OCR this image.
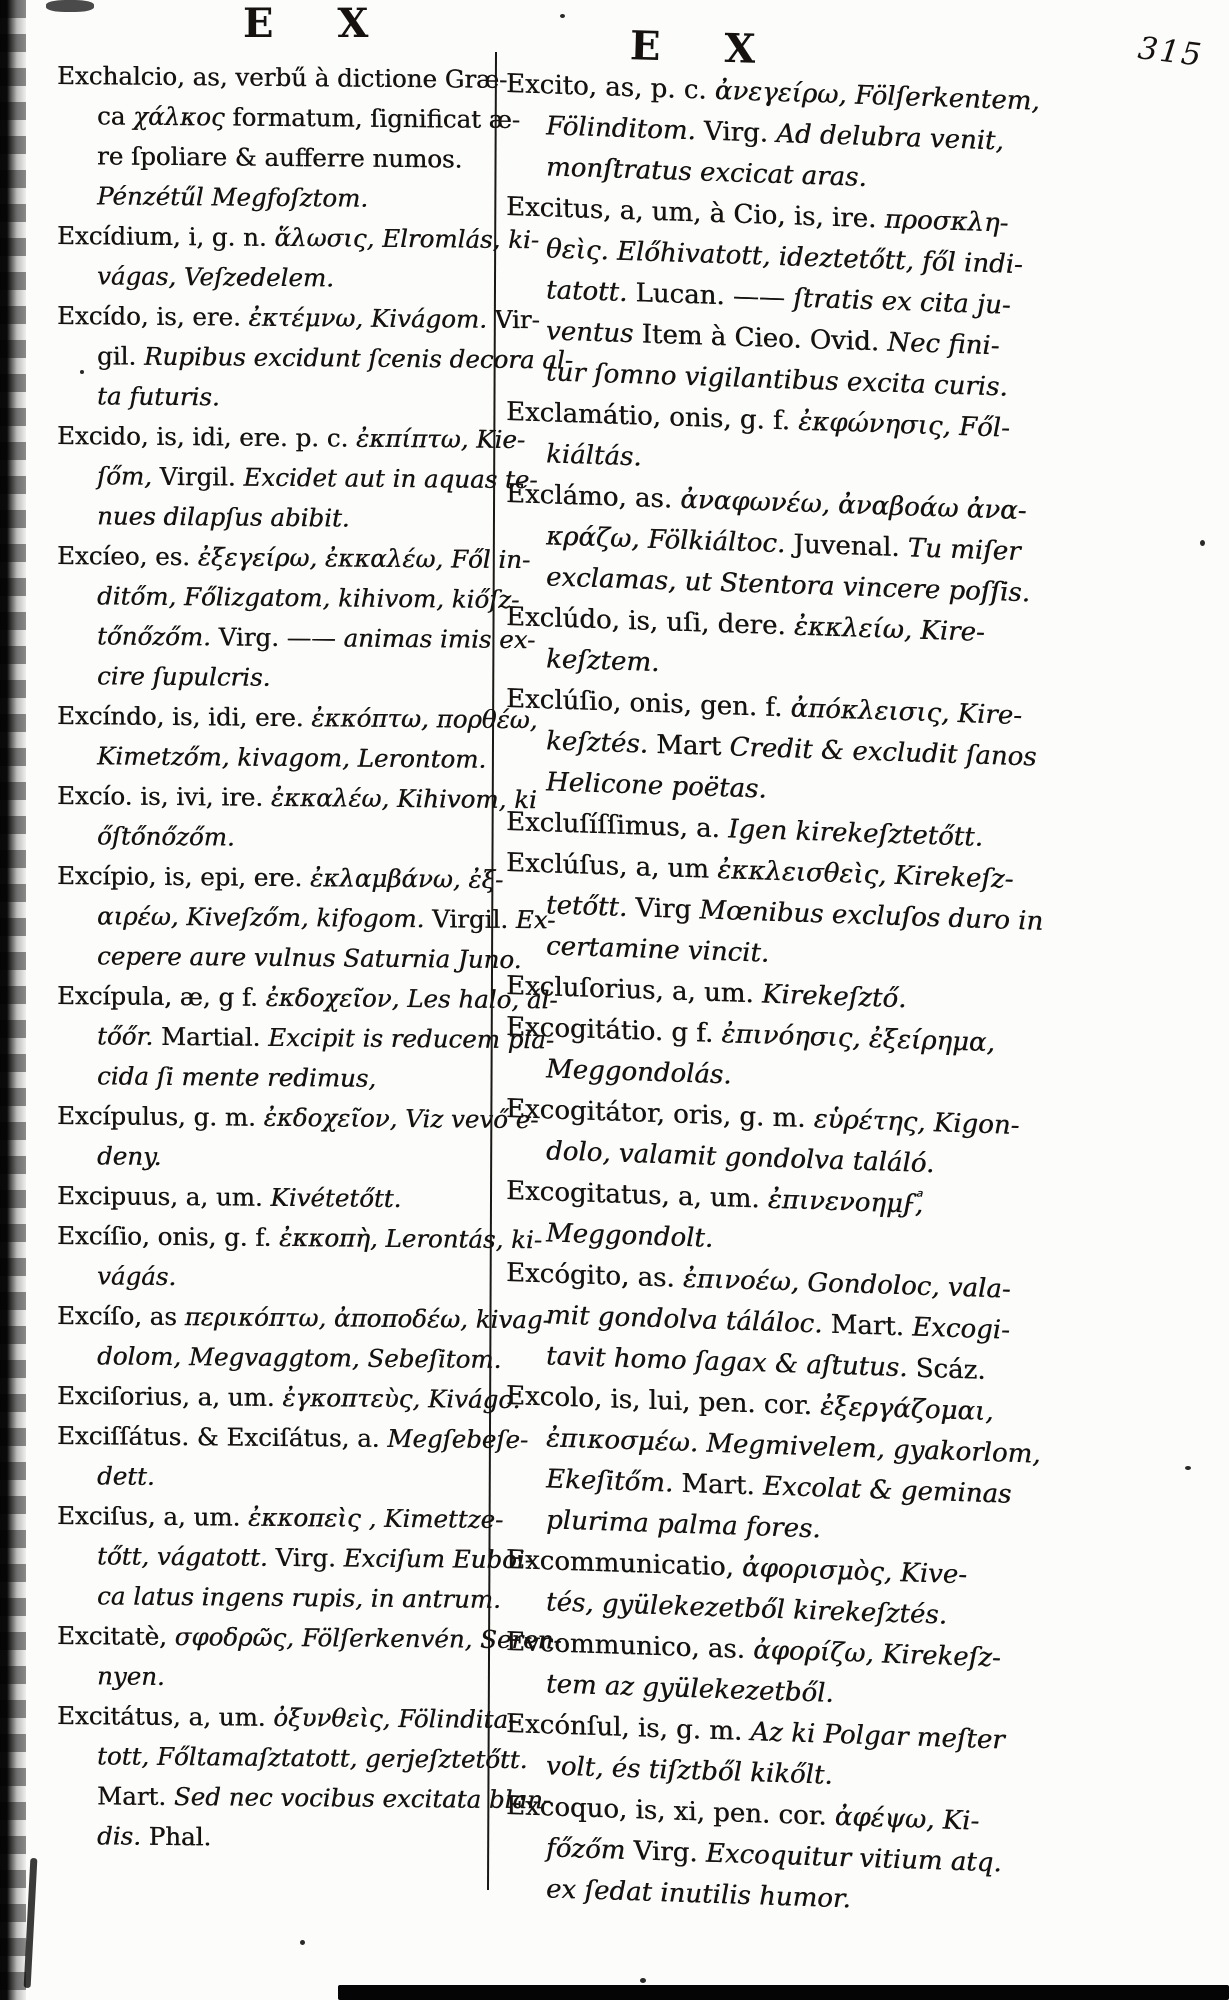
E X	E X	315
Exchalcio, as, verbű à dictione Græ-
ca χάλκος formatum, ſignificat æ-
re ſpoliare & aufferre numos.
Pénzétűl Megfoſztom.
Excídium, i, g. n. ἅλωσις, Elromlás, ki-
vágas, Veſzedelem.
Excído, is, ere. ἐκτέμνω, Kivágom. Vir-
gil. Rupibus excidunt ſcenis decora al-
ta futuris.
Excido, is, idi, ere. p. c. ἐκπίπτω, Kie-
ſőm, Virgil. Excidet aut in aquas te-
nues dilapſus abibit.
Excíeo, es. ἐξεγείρω, ἐκκαλέω, Fől in-
ditőm, Főlizgatom, kihivom, kiőſz-
tőnőzőm. Virg. —— animas imis ex-
cire ſupulcris.
Excíndo, is, idi, ere. ἐκκόπτω, πορθέω,
Kimetzőm, kivagom, Lerontom.
Excío. is, ivi, ire. ἐκκαλέω, Kihivom, ki
őſtőnőzőm.
Excípio, is, epi, ere. ἐκλαμβάνω, ἐξ-
αιρέω, Kiveſzőm, kifogom. Virgil. Ex-
cepere aure vulnus Saturnia Juno.
Excípula, æ, g f. ἐκδοχεῖον, Les halo, ál-
tőőr. Martial. Excipit is reducem pla-
cida ſi mente redimus,
Excípulus, g. m. ἐκδοχεῖον, Viz vevő e-
deny.
Excipuus, a, um. Kivétetőtt.
Excíſio, onis, g. f. ἐκκοπὴ, Lerontás, ki-
vágás.
Excíſo, as περικόπτω, ἀποποδέω, kivag-
dolom, Megvaggtom, Sebeſitom.
Exciſorius, a, um. ἐγκοπτεὺς, Kivágo.
Exciſſátus. & Exciſátus, a. Megſebeſe-
dett.
Exciſus, a, um. ἐκκοπεὶς , Kimettze-
tőtt, vágatott. Virg. Exciſum Euboi-
ca latus ingens rupis, in antrum.
Excitatè, σφοδρῶς, Fölſerkenvén, Seren-
nyen.
Excitátus, a, um. ὀξυνθεὶς, Fölindita-
tott, Főltamaſztatott, gerjeſztetőtt.
Mart. Sed nec vocibus excitata blan-
dis. Phal.
Excito, as, p. c. ἀνεγείρω, Fölſerkentem,
Fölinditom. Virg. Ad delubra venit,
monſtratus excicat aras.
Excitus, a, um, à Cio, is, ire. προσκλη-
θεὶς. Előhivatott, ideztetőtt, fől indi-
tatott. Lucan. —— ſtratis ex cita ju-
ventus Item à Cieo. Ovid. Nec fini-
tur ſomno vigilantibus excita curis.
Exclamátio, onis, g. f. ἐκφώνησις, Fől-
kiáltás.
Exclámo, as. ἀναφωνέω, ἀναβοάω ἀνα-
κράζω, Fölkiáltoc. Juvenal. Tu miſer
exclamas, ut Stentora vincere poſſis.
Exclúdo, is, uſi, dere. ἐκκλείω, Kire-
keſztem.
Exclúſio, onis, gen. f. ἀπόκλεισις, Kire-
keſztés. Mart Credit & excludit ſanos
Helicone poëtas.
Excluſíſſimus, a. Igen kirekeſztetőtt.
Exclúſus, a, um ἐκκλεισθεὶς, Kirekeſz-
tetőtt. Virg Mœnibus excluſos duro in
certamine vincit.
Excluſorius, a, um. Kirekeſztő.
Excogitátio. g f. ἐπινόησις, ἐξείρημα,
Meggondolás.
Excogitátor, oris, g. m. εὑρέτης, Kigon-
dolo, valamit gondolva találó.
Excogitatus, a, um. ἐπινενοημϝⷶ,
Meggondolt.
Excógito, as. ἐπινοέω, Gondoloc, vala-
mit gondolva táláloc. Mart. Excogi-
tavit homo ſagax & aſtutus. Scáz.
Excolo, is, lui, pen. cor. ἐξεργάζομαι,
ἐπικοσμέω. Megmivelem, gyakorlom,
Ekeſitőm. Mart. Excolat & geminas
plurima palma fores.
Excommunicatio, ἀφορισμὸς, Kive-
tés, gyülekezetből kirekeſztés.
Evcommunico, as. ἀφορίζω, Kirekeſz-
tem az gyülekezetből.
Excónſul, is, g. m. Az ki Polgar meſter
volt, és tiſztből kikőlt.
Excoquo, is, xi, pen. cor. ἀφέψω, Ki-
főzőm Virg. Excoquitur vitium atq.
ex ſedat inutilis humor.
